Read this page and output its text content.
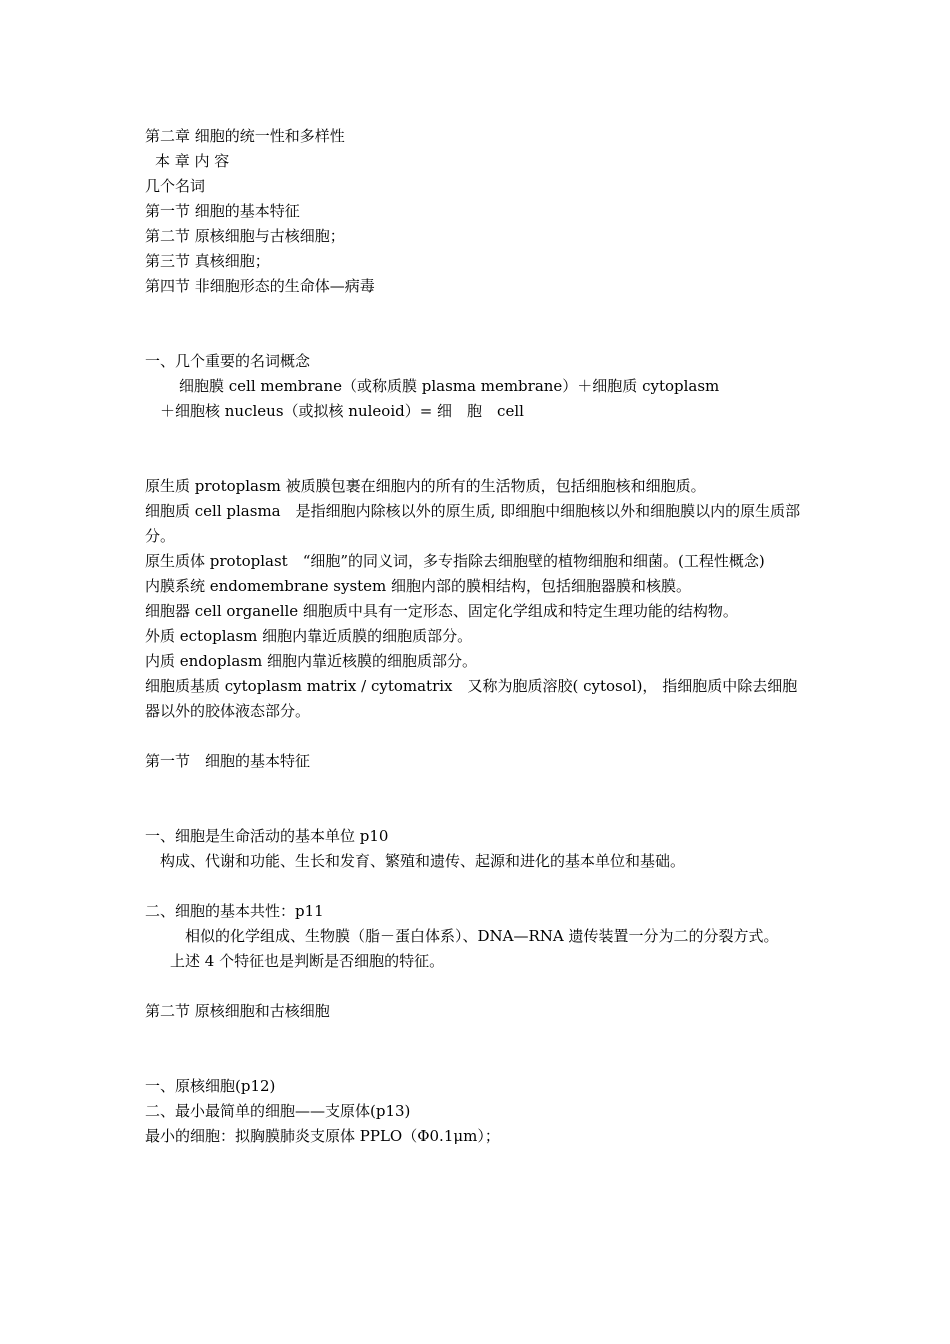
第二章 细胞的统一性和多样性
本 章 内 容
几个名词
第一节 细胞的基本特征
第二节 原核细胞与古核细胞；
第三节 真核细胞；
第四节 非细胞形态的生命体—病毒
一、几个重要的名词概念
细胞膜 cell membrane（或称质膜 plasma membrane）＋细胞质 cytoplasm
＋细胞核 nucleus（或拟核 nuleoid）= 细　胞　cell
原生质 protoplasm 被质膜包裹在细胞内的所有的生活物质，包括细胞核和细胞质。
细胞质 cell plasma　是指细胞内除核以外的原生质, 即细胞中细胞核以外和细胞膜以内的原生质部分。
原生质体 protoplast　“细胞”的同义词，多专指除去细胞壁的植物细胞和细菌。(工程性概念)
内膜系统 endomembrane system 细胞内部的膜相结构，包括细胞器膜和核膜。
细胞器 cell organelle 细胞质中具有一定形态、固定化学组成和特定生理功能的结构物。
外质 ectoplasm 细胞内靠近质膜的细胞质部分。
内质 endoplasm 细胞内靠近核膜的细胞质部分。
细胞质基质 cytoplasm matrix / cytomatrix　又称为胞质溶胶( cytosol)， 指细胞质中除去细胞器以外的胶体液态部分。
第一节　细胞的基本特征
一、细胞是生命活动的基本单位 p10
构成、代谢和功能、生长和发育、繁殖和遗传、起源和进化的基本单位和基础。
二、细胞的基本共性：p11
相似的化学组成、生物膜（脂－蛋白体系）、DNA—RNA 遗传装置一分为二的分裂方式。
上述 4 个特征也是判断是否细胞的特征。
第二节 原核细胞和古核细胞
一、原核细胞(p12)
二、最小最简单的细胞——支原体(p13)
最小的细胞：拟胸膜肺炎支原体 PPLO（Φ0.1μm）；
